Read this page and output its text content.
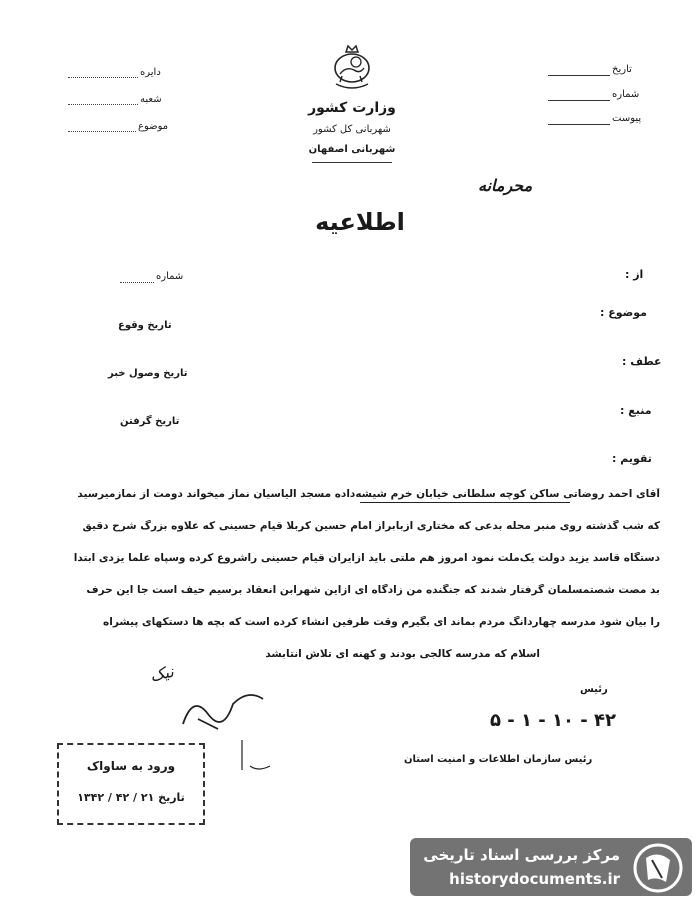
دایره
شعبه
موضوع
تاریخ
شماره
پیوست
وزارت کشور
شهربانی کل کشور
شهربانی اصفهان
محرمانه
اطلاعیه
از :
شماره
موضوع :
تاریخ وقوع
عطف :
تاریخ وصول خبر
منبع :
تاریخ گرفتن
تقویم :
آقای احمد روضاتی ساکن کوچه سلطانی خیابان خرم شیشه‌داده مسجد الیاسیان نماز میخواند دومت از نمازمیرسید
که شب گذشته روی منبر محله بدعی که مختاری ازبابراز امام حسین کربلا قیام حسینی که علاوه بزرگ شرح دقیق
دستگاه قاسد یزید دولت یک‌ملت نمود امروز هم ملتی باید ازایران قیام حسینی راشروع کرده وسپاه علما یزدی ابتدا
بد مصت شصتمسلمان گرفتار شدند که جنگنده من زادگاه ای ازاین شهرابن انعقاد برسیم حیف است جا این حرف
را بیان شود مدرسه چهاردانگ مردم بماند ای بگیرم وقت طرفین انشاء کرده است که بچه ها دستکهای پیشراه
اسلام که مدرسه کالجی بودند و کهنه ای تلاش انتابشد
نیک
۵ - ۱ - ۱۰ - ۴۲
رئیس
رئیس سازمان اطلاعات و امنیت استان
ورود به ساواک
تاریخ ۲۱ / ۴۲ / ۱۳۴۲
مرکز بررسی اسناد تاریخی
historydocuments.ir
